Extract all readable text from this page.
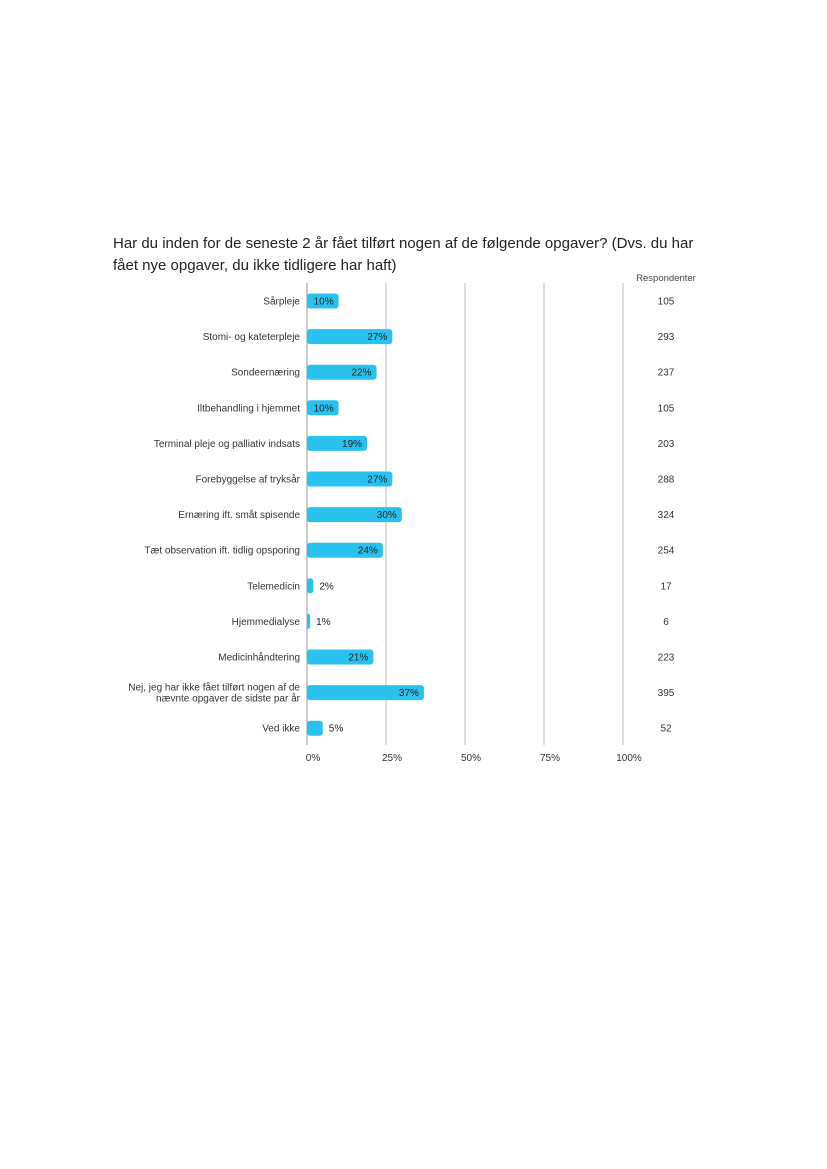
Har du inden for de seneste 2 år fået tilført nogen af de følgende opgaver? (Dvs. du har fået nye opgaver, du ikke tidligere har haft)
0%	25%	50%	75%	100%
Respondenter
Sårpleje 10%	105
Stomi- og kateterpleje	27%	293
Sondeernæring	22%	237
Iltbehandling i hjemmet 10%	105
Terminal pleje og palliativ indsats	19%	203
Forebyggelse af tryksår	27%	288
Ernæring ift. småt spisende	30%	324
Tæt observation ift. tidlig opsporing	24%	254
Telemedicin 2%	17
Hjemmedialyse 1%	6
Medicinhåndtering	21%	223
Nej, jeg har ikke fået tilført nogen af de nævnte opgaver de sidste par år	37%	395
Ved ikke	5%	52
